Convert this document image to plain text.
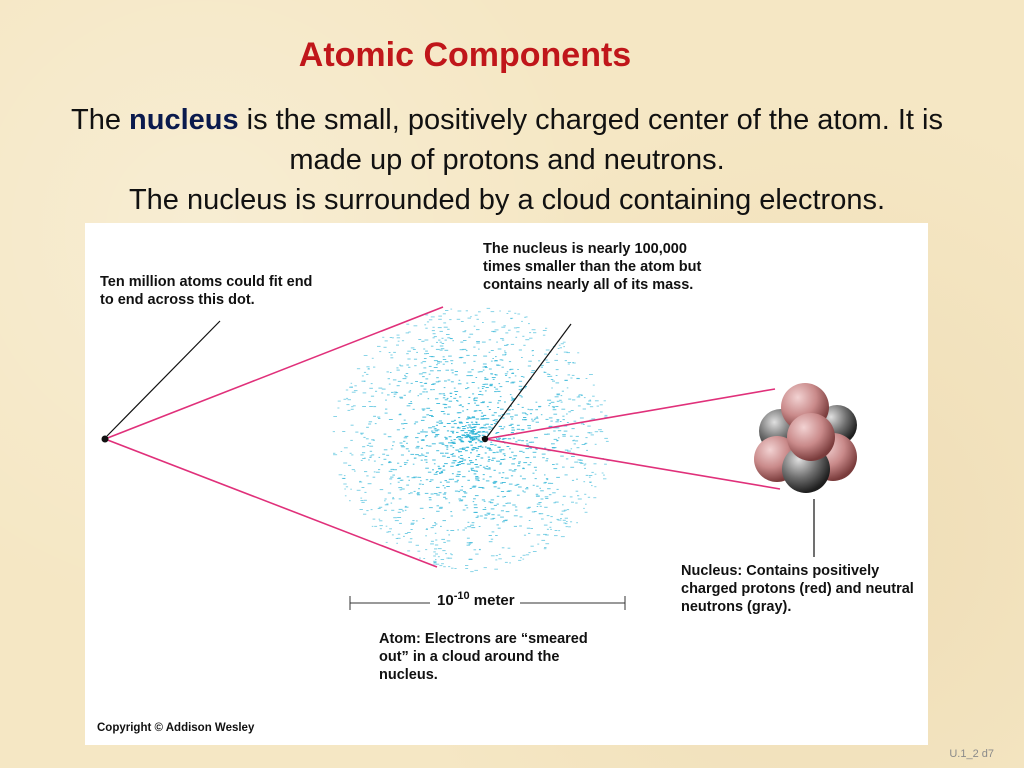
Atomic Components
The nucleus is the small, positively charged center of the atom. It is made up of protons and neutrons.
The nucleus is surrounded by a cloud containing electrons.
Ten million atoms could fit end to end across this dot.
The nucleus is nearly 100,000 times smaller than the atom but contains nearly all of its mass.
$10^{-10}$ meter
Atom: Electrons are “smeared out” in a cloud around the nucleus.
Nucleus: Contains positively charged protons (red) and neutral neutrons (gray).
Copyright © Addison Wesley
U.1_2 d7
